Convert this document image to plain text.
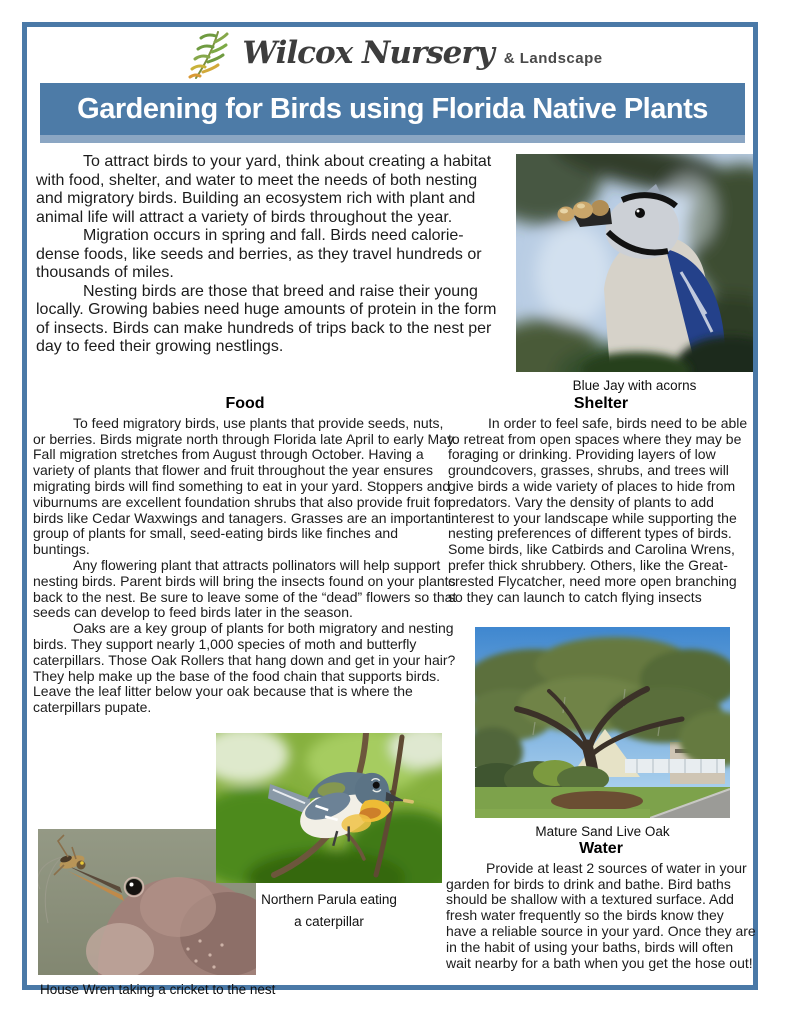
Wilcox Nursery & Landscape
Gardening for Birds using Florida Native Plants

To attract birds to your yard, think about creating a habitat with food, shelter, and water to meet the needs of both nesting and migratory birds. Building an ecosystem rich with plant and animal life will attract a variety of birds throughout the year.

Migration occurs in spring and fall. Birds need calorie-dense foods, like seeds and berries, as they travel hundreds or thousands of miles.

Nesting birds are those that breed and raise their young locally. Growing babies need huge amounts of protein in the form of insects. Birds can make hundreds of trips back to the nest per day to feed their growing nestlings.

Blue Jay with acorns
Food

To feed migratory birds, use plants that provide seeds, nuts, or berries. Birds migrate north through Florida late April to early May. Fall migration stretches from August through October. Having a variety of plants that flower and fruit throughout the year ensures migrating birds will find something to eat in your yard. Stoppers and viburnums are excellent foundation shrubs that also provide fruit for birds like Cedar Waxwings and tanagers. Grasses are an important group of plants for small, seed-eating birds like finches and buntings.

Any flowering plant that attracts pollinators will help support nesting birds. Parent birds will bring the insects found on your plants back to the nest. Be sure to leave some of the “dead” flowers so that seeds can develop to feed birds later in the season.

Oaks are a key group of plants for both migratory and nesting birds. They support nearly 1,000 species of moth and butterfly caterpillars. Those Oak Rollers that hang down and get in your hair? They help make up the base of the food chain that supports birds. Leave the leaf litter below your oak because that is where the caterpillars pupate.

Shelter

In order to feel safe, birds need to be able to retreat from open spaces where they may be foraging or drinking. Providing layers of low groundcovers, grasses, shrubs, and trees will give birds a wide variety of places to hide from predators. Vary the density of plants to add interest to your landscape while supporting the nesting preferences of different types of birds. Some birds, like Catbirds and Carolina Wrens, prefer thick shrubbery. Others, like the Great-crested Flycatcher, need more open branching so they can launch to catch flying insects

Mature Sand Live Oak
Water

Provide at least 2 sources of water in your garden for birds to drink and bathe. Bird baths should be shallow with a textured surface. Add fresh water frequently so the birds know they have a reliable source in your yard. Once they are in the habit of using your baths, birds will often wait nearby for a bath when you get the hose out!

House Wren taking a cricket to the nest
Northern Parula eating
a caterpillar
